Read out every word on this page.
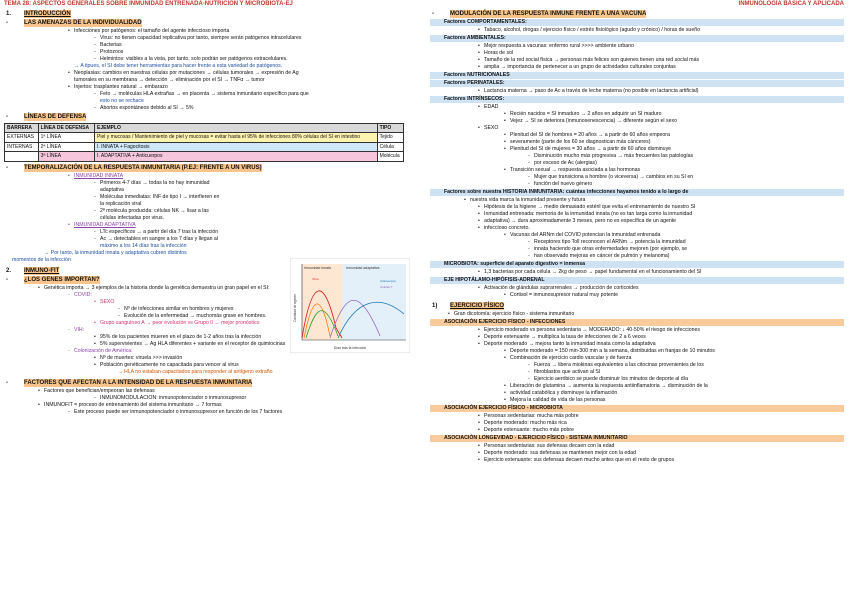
TEMA 28: ASPECTOS GENERALES SOBRE INMUNIDAD ENTRENADA-NUTRICIÓN Y MICROBIOTA-EJ
1.	INTRODUCCIÓN
-	LAS AMENAZAS DE LA INDIVIDUALIDAD
• Infecciones por patógenos: el tamaño del agente infeccioso importa
- Virus: no tienen capacidad replicativa por tanto, siempre serán patógenos intracelulares
- Bacterias
- Protozoos
- Helmintos: visibles a la vista, por tanto, solo podrán ser patógenos extracelulares.
→ A tipues, el SI debe tener herramientas para hacer frente a esta variedad de patógenos.
• Neoplasias: cambios en nuestras células por mutaciones → células tumorales → expresión de Ag
tumorales en su membrana → detección → eliminación por el SI → TNFα → tumor
• Injertos: trasplantes natural → embarazo
- Feto → moléculas HLA extrañas → en placenta → sistema inmunitario específico para que
esto no se rechace
- Abortos espontáneos debido al SI → 5%
-	LÍNEAS DE DEFENSA
BARRERA	LÍNEA DE DEFENSA	EJEMPLO	TIPO
EXTERNAS	1ª LÍNEA	Piel y mucosas / Mantenimiento de piel y mucosas = evitar hasta el 95% de infecciones 80% células del SI en intestino	Tejido
INTERNAS	2ª LÍNEA	I. INNATA + Fagocitosis	Célula
	3ª LÍNEA	I. ADAPTATIVA + Anticuerpos	Molécula
-	TEMPORALIZACIÓN DE LA RESPUESTA INMUNITARIA (P.EJ: FRENTE A UN VIRUS)
• INMUNIDAD INNATA
- Primeros 4-7 días → todas la no hay inmunidad
adaptativa
- Moléculas inmediatas: INF de tipo I → interfieren en
la replicación viral
- 2ª molécula producida: células NK → lisar a las
células infectadas por virus.
• INMUNIDAD ADAPTATIVA
- LTc específicos → a partir del día 7 tras la infección
- Ac → detectables en sangre a los 7 días y llegan al
máximo a los 14 días tras la infección
→ Por tanto, la inmunidad innata y adaptativa cubren distintos
momentos de la infección
2.	INMUNO-FIT
-	¿LOS GENES IMPORTAN?
• Genética importa → 3 ejemplos de la historia donde la genética demuestra un gran papel en el SI:
- COVID:
• SEXO
- Nº de infecciones similar en hombres y mujeres
- Evolución de la enfermedad → muchomás grave en hombres.
• Grupo sanguíneo A → peor evolución vs Grupo 0 → mejor pronóstico
- VIH:
• 95% de los pacientes mueren en el plazo de 1-2 años tras la infección
• 5% supervivientes → Ag HLA diferentes + variante en el receptor de quimiocinas
- Colonización de América:
• Nº de muertes: viruela >>> invasión
• Población genéticamente no capacitada para vencer al virus
→ HLA no estaban capacitados para responder al antígeno extraño
-	FACTORES QUE AFECTAN A LA INTENSIDAD DE LA RESPUESTA INMUNITARIA
• Factores que benefician/empeoran las defensas
- INMUNOMODULACIÓN: inmunopotenciador o inmunosupresor
• INMUNOFIT = proceso de entrenamiento del sistema inmunitario → 7 formas
- Este proceso puede ser inmunopotenciador o inmunosupresor en función de los 7 factores
Inmunidad innata	Inmunidad adaptativa
Días tras la infección
Cantidad de agente
Anticuerpos
Células T
Virus
INMUNOLOGÍA BÁSICA Y APLICADA
-	MODULACIÓN DE LA RESPUESTA INMUNE FRENTE A UNA VACUNA
Factores COMPORTAMENTALES:
• Tabaco, alcohol, drogas / ejercicio físico / estrés fisiológico (agudo y crónico) / horas de sueño
Factores AMBIENTALES:
• Mejor respuesta a vacunas: enfermo rural >>>> ambiente urbano
• Horas de sol
• Tamaño de la red social física → personas más felices son quienes tienen una red social más
• amplia → importancia de pertenecer a un grupo de actividades culturales conjuntas
Factores NUTRICIONALES
Factores PERINATALES:
• Lactancia materna → paso de Ac a través de leche materna (no posible en lactancia artificial)
Factores INTRÍNSECOS:
• EDAD
• Recién nacidos = SI inmaduro → 2 años en adquirir un SI maduro
• Vejez → SI se deteriora (inmunosenescencia) → diferente según el sexo
• SEXO
• Plenitud del SI de hombres = 20 años → a partir de 60 años empeora
• severamente (parte de los 60 se diagnostican más cánceres)
• Plenitud del SI de mujeres = 30 años → a partir de 60 años disminuye
- Disminución mucho más progresiva → más frecuentes las patologías
- por exceso de Ac (alergias)
• Transición sexual → respuesta asociada a las hormonas
- Mujer que transiciona a hombre (o viceversa) → cambios en su SI en
- función del nuevo género
Factores sobre nuestra HISTORIA INMUNITARIA: cuántas infecciones hayamos tenido a lo largo de
• nuestra vida marca la inmunidad presente y futura
• Hipótesis de la higiene → medio demasiado estéril que evita el entrenamiento de nuestro SI
• Inmunidad entrenada: memoria de la inmunidad innata (no es tan larga como la inmunidad
• adaptativa) → dura aproximadamente 3 meses, pero no es específica de un agente
• infeccioso concreto.
• Vacunas del ARNm del COVID potencian la inmunidad entrenada
- Receptores tipo Toll reconocen el ARNm → potencia la inmunidad
- innata haciendo que otras enfermedades mejoren (por ejemplo, se
- han observado mejoras en cáncer de pulmón y melanoma)
MICROBIOTA: superficie del aparato digestivo = inmensa
• 1,3 bacterias por cada célula → 2kg de peso → papel fundamental en el funcionamiento del SI
EJE HIPOTÁLAMO-HIPÓFISIS-ADRENAL
• Activación de glándulas suprarrenales → producción de corticoides
• Cortisol = inmunosupresor natural muy potente
1)	EJERCICIO FÍSICO
• Gran dicotomía: ejercicio físico - sistema inmunitario
ASOCIACIÓN EJERCICIO FÍSICO - INFECCIONES
• Ejercicio moderado vs persona sedentaria → MODERADO: ↓ 40-50% el riesgo de infecciones
• Deporte extenuante → multiplica la tasa de infecciones de 2 a 6 veces
• Deporte moderado → mejora tanto la inmunidad innata como la adaptativa
• Deporte moderado = 150 min-300 min a la semana, distribuidas en franjas de 10 minutos
• Combinación de ejercicio cardio vascular y de fuerza
- Fuerza → libera miokinas equivalentes a las citocinas provenientes de los
- fibroblastos que activan al SI
- Ejercicio aeróbico se puede disminuir los minutos de deporte al día
• Liberación de glutamina → aumenta la respuesta antiinflamatoria → disminución de la
• actividad catabólica y disminuye la inflamación
• Mejora la calidad de vida de las personas
ASOCIACIÓN EJERCICIO FÍSICO - MICROBIOTA
• Personas sedentarias: mucha más pobre
• Deporte moderado: mucho más rica
• Deporte extenuante: mucho más pobre
ASOCIACIÓN LONGEVIDAD - EJERCICIO FÍSICO - SISTEMA INMUNITARIO
• Personas sedentarias: sus defensas decaen con la edad
• Deporte moderado: sus defensas se mantienen mejor con la edad
• Ejercicio extenuante: sus defensas decaen mucho antes que en el resto de grupos
